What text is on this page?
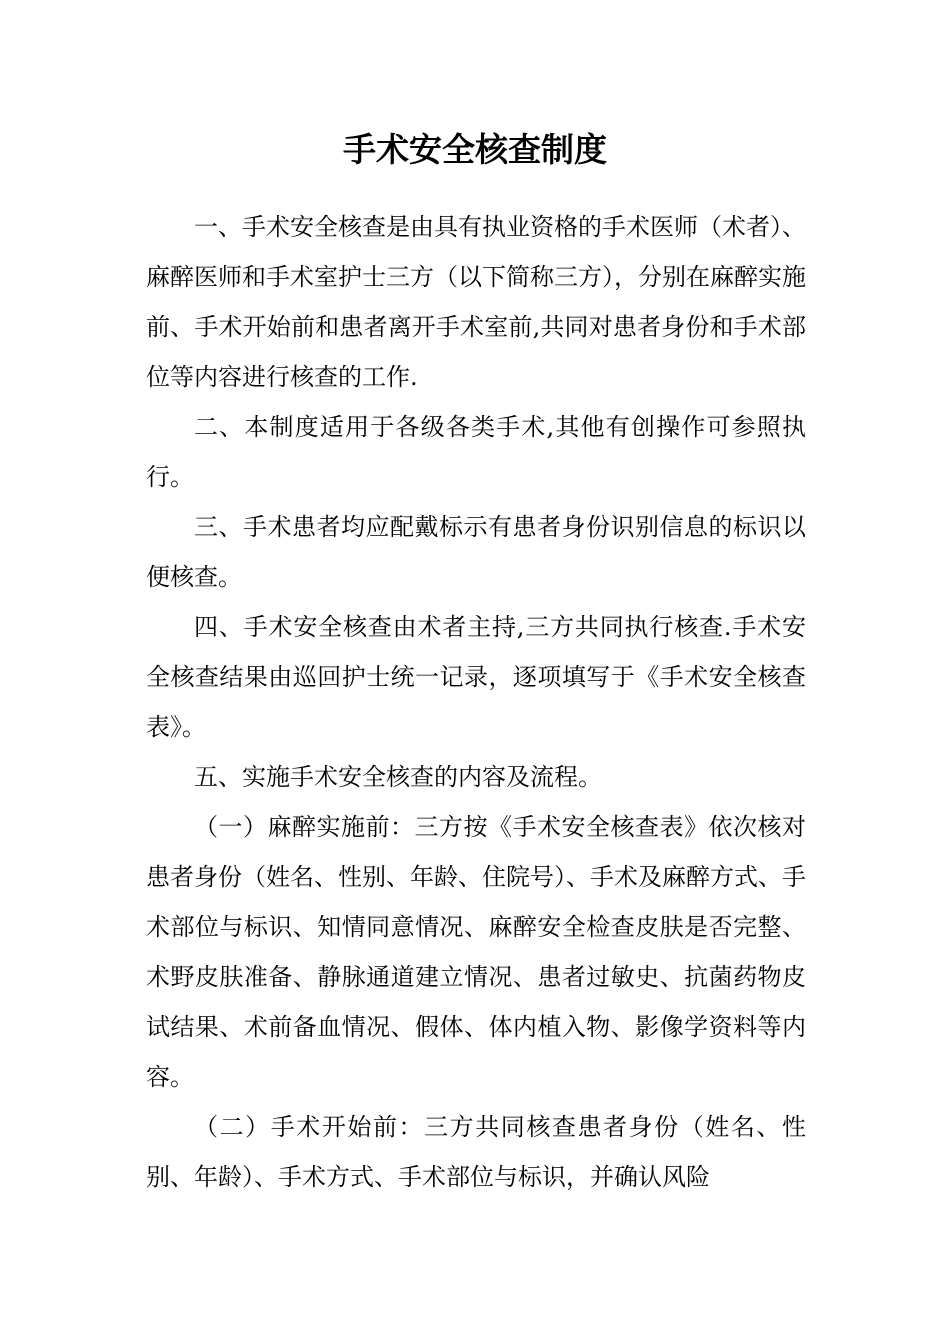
手术安全核查制度

一、手术安全核查是由具有执业资格的手术医师（术者）、麻醉医师和手术室护士三方（以下简称三方），分别在麻醉实施前、手术开始前和患者离开手术室前,共同对患者身份和手术部位等内容进行核查的工作.

二、本制度适用于各级各类手术,其他有创操作可参照执行。

三、手术患者均应配戴标示有患者身份识别信息的标识以便核查。

四、手术安全核查由术者主持,三方共同执行核查.手术安全核查结果由巡回护士统一记录，逐项填写于《手术安全核查表》。

五、实施手术安全核查的内容及流程。

（一）麻醉实施前：三方按《手术安全核查表》依次核对患者身份（姓名、性别、年龄、住院号）、手术及麻醉方式、手术部位与标识、知情同意情况、麻醉安全检查皮肤是否完整、术野皮肤准备、静脉通道建立情况、患者过敏史、抗菌药物皮试结果、术前备血情况、假体、体内植入物、影像学资料等内容。

（二）手术开始前：三方共同核查患者身份（姓名、性别、年龄）、手术方式、手术部位与标识，并确认风险
